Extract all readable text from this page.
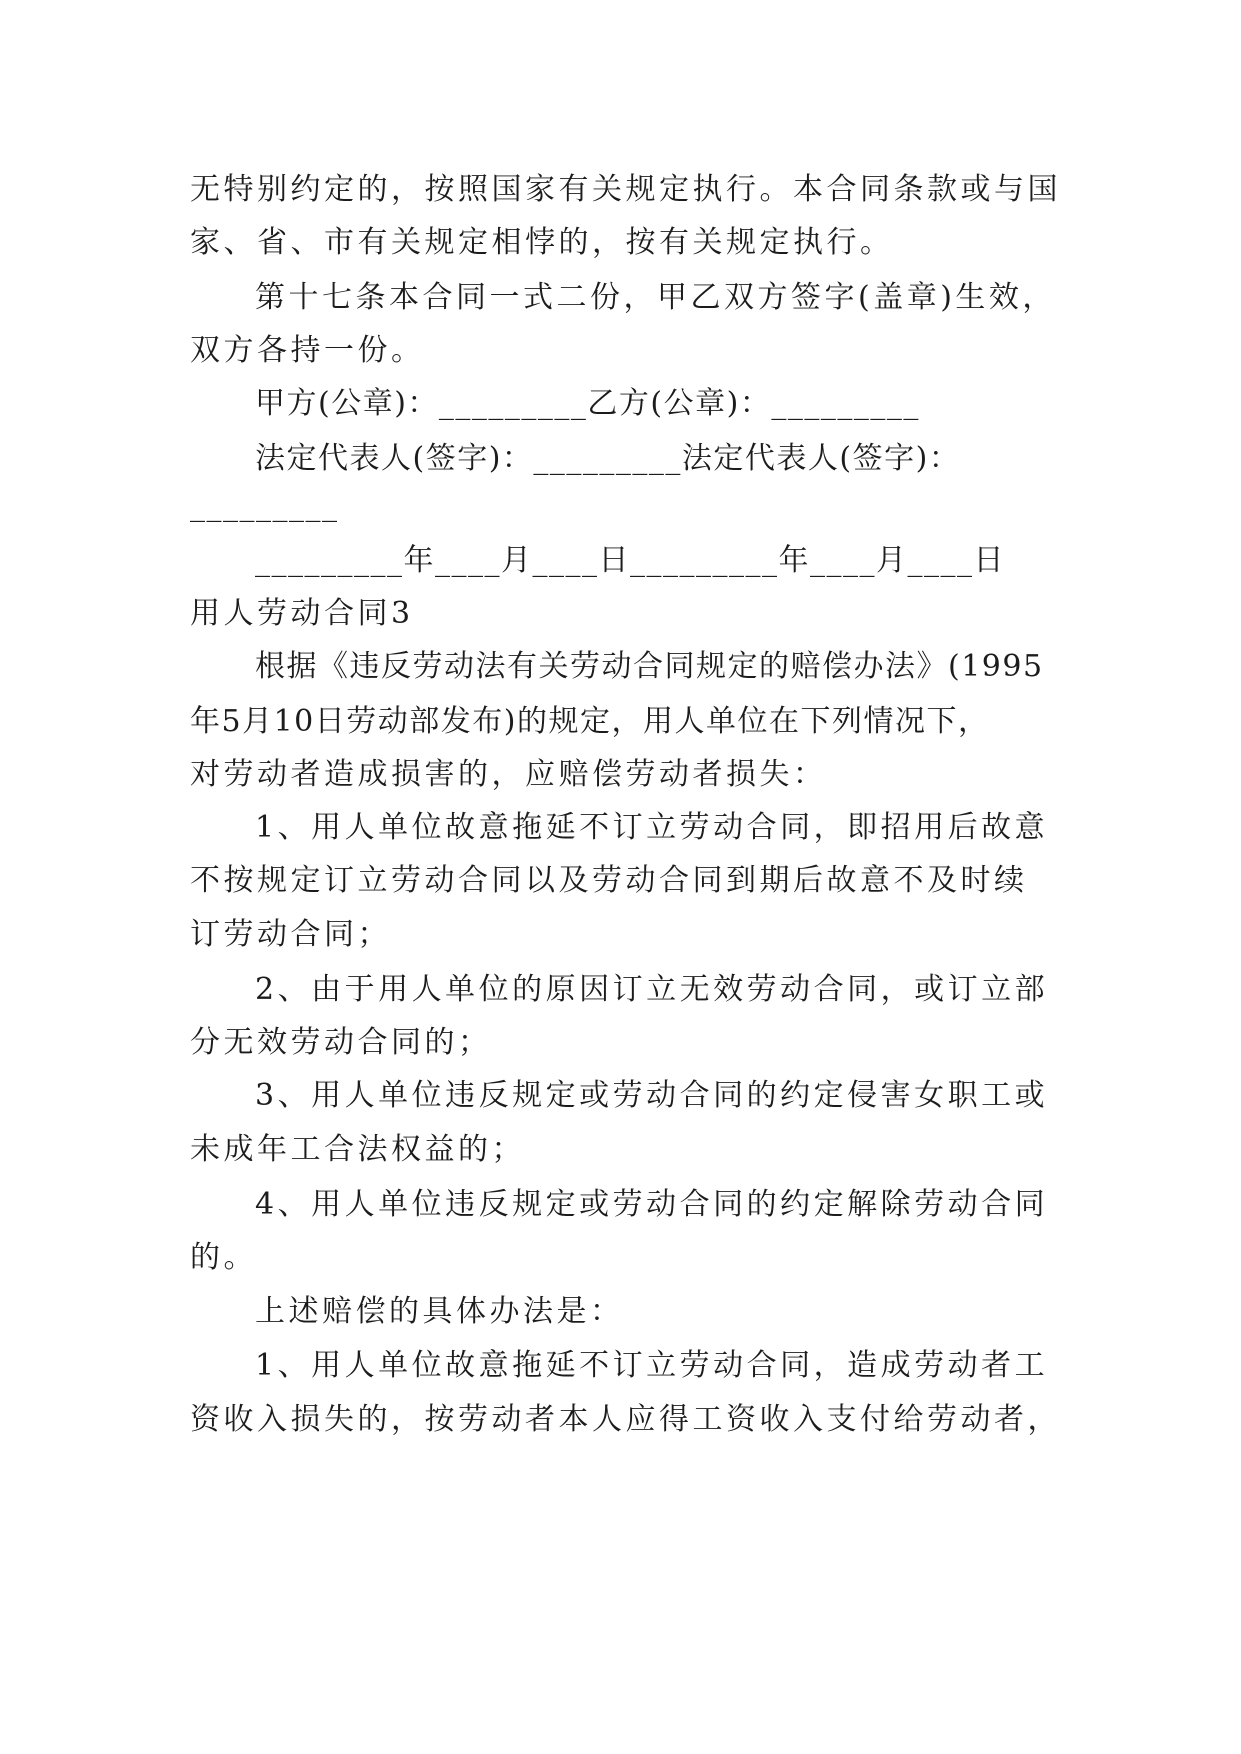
无特别约定的，按照国家有关规定执行。本合同条款或与国
家、省、市有关规定相悖的，按有关规定执行。
第十七条本合同一式二份，甲乙双方签字(盖章)生效，
双方各持一份。
甲方(公章)：_________乙方(公章)：_________
法定代表人(签字)：_________法定代表人(签字)：
_________
_________年____月____日_________年____月____日
用人劳动合同3
根据《违反劳动法有关劳动合同规定的赔偿办法》(1995
年5月10日劳动部发布)的规定，用人单位在下列情况下，
对劳动者造成损害的，应赔偿劳动者损失：
1、用人单位故意拖延不订立劳动合同，即招用后故意
不按规定订立劳动合同以及劳动合同到期后故意不及时续
订劳动合同；
2、由于用人单位的原因订立无效劳动合同，或订立部
分无效劳动合同的；
3、用人单位违反规定或劳动合同的约定侵害女职工或
未成年工合法权益的；
4、用人单位违反规定或劳动合同的约定解除劳动合同
的。
上述赔偿的具体办法是：
1、用人单位故意拖延不订立劳动合同，造成劳动者工
资收入损失的，按劳动者本人应得工资收入支付给劳动者，
